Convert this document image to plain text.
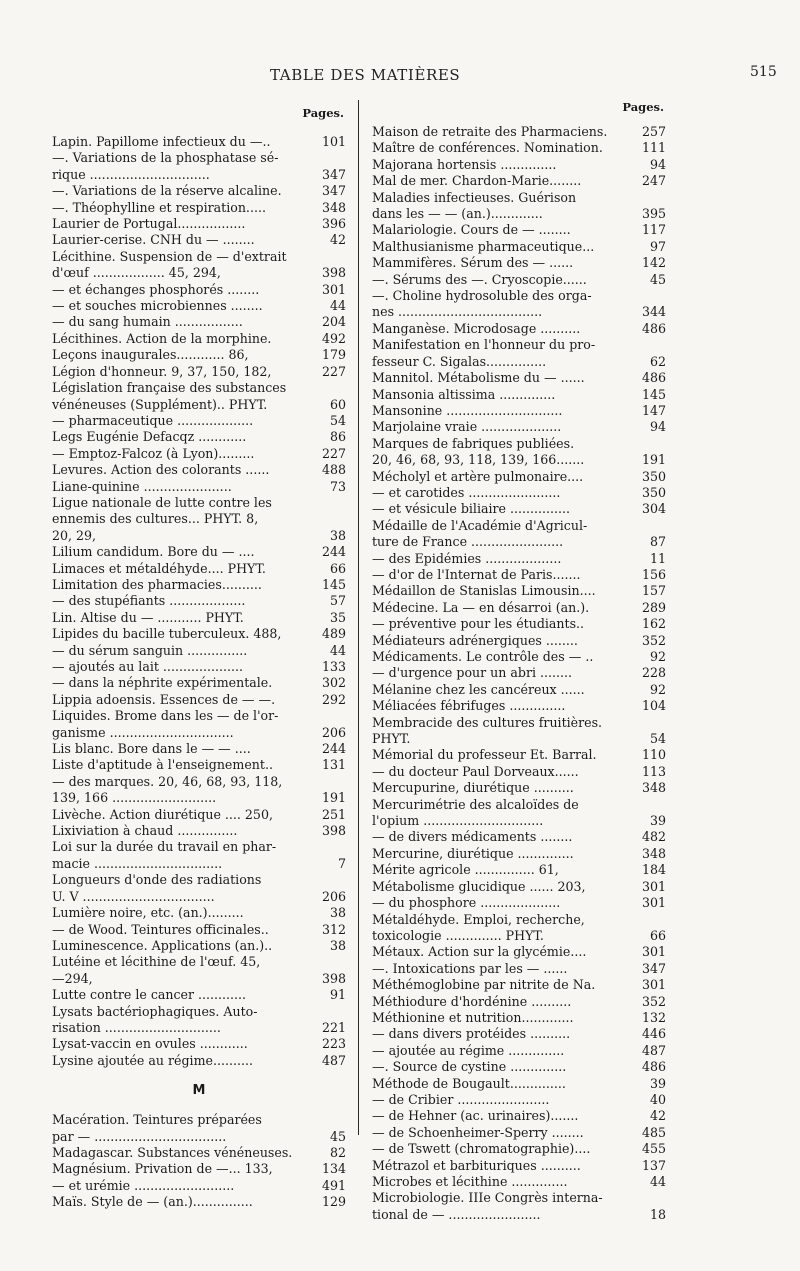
TABLE DES MATIÈRES	515
Pages.
Lapin. Papillome infectieux du —..	101
—. Variations de la phosphatase sé-
rique ..............................	347
—. Variations de la réserve alcaline.	347
—. Théophylline et respiration.....	348
Laurier de Portugal.................	396
Laurier-cerise. CNH du — ........	42
Lécithine. Suspension de — d'extrait
d'œuf .................. 45, 294,	398
— et échanges phosphorés ........	301
— et souches microbiennes ........	44
— du sang humain .................	204
Lécithines. Action de la morphine.	492
Leçons inaugurales............ 86,	179
Légion d'honneur. 9, 37, 150, 182,	227
Législation française des substances
vénéneuses (Supplément).. PHYT.	60
— pharmaceutique ...................	54
Legs Eugénie Defacqz ............	86
— Emptoz-Falcoz (à Lyon).........	227
Levures. Action des colorants ......	488
Liane-quinine ......................	73
Ligue nationale de lutte contre les
ennemis des cultures... PHYT. 8,
20, 29,	38
Lilium candidum. Bore du — ....	244
Limaces et métaldéhyde.... PHYT.	66
Limitation des pharmacies..........	145
— des stupéfiants ...................	57
Lin. Altise du — ........... PHYT.	35
Lipides du bacille tuberculeux. 488,	489
— du sérum sanguin ...............	44
— ajoutés au lait ....................	133
— dans la néphrite expérimentale.	302
Lippia adoensis. Essences de — —.	292
Liquides. Brome dans les — de l'or-
ganisme ...............................	206
Lis blanc. Bore dans le — — ....	244
Liste d'aptitude à l'enseignement..	131
— des marques. 20, 46, 68, 93, 118,
139, 166 ..........................	191
Livèche. Action diurétique .... 250,	251
Lixiviation à chaud ...............	398
Loi sur la durée du travail en phar-
macie ................................	7
Longueurs d'onde des radiations
U. V .................................	206
Lumière noire, etc. (an.).........	38
— de Wood. Teintures officinales..	312
Luminescence. Applications (an.)..	38
Lutéine et lécithine de l'œuf. 45,
—294,	398
Lutte contre le cancer ............	91
Lysats bactériophagiques. Auto-
risation .............................	221
Lysat-vaccin en ovules ............	223
Lysine ajoutée au régime..........	487
M
Macération. Teintures préparées
par — .................................	45
Madagascar. Substances vénéneuses.	82
Magnésium. Privation de —... 133,	134
— et urémie .........................	491
Maïs. Style de — (an.)...............	129
Pages.
Maison de retraite des Pharmaciens.	257
Maître de conférences. Nomination.	111
Majorana hortensis ..............	94
Mal de mer. Chardon-Marie........	247
Maladies infectieuses. Guérison
dans les — — (an.).............	395
Malariologie. Cours de — ........	117
Malthusianisme pharmaceutique...	97
Mammifères. Sérum des — ......	142
—. Sérums des —. Cryoscopie......	45
—. Choline hydrosoluble des orga-
nes ....................................	344
Manganèse. Microdosage ..........	486
Manifestation en l'honneur du pro-
fesseur C. Sigalas...............	62
Mannitol. Métabolisme du — ......	486
Mansonia altissima ..............	145
Mansonine .............................	147
Marjolaine vraie ....................	94
Marques de fabriques publiées.
20, 46, 68, 93, 118, 139, 166.......	191
Mécholyl et artère pulmonaire....	350
— et carotides .......................	350
— et vésicule biliaire ...............	304
Médaille de l'Académie d'Agricul-
ture de France .......................	87
— des Epidémies ...................	11
— d'or de l'Internat de Paris.......	156
Médaillon de Stanislas Limousin....	157
Médecine. La — en désarroi (an.).	289
— préventive pour les étudiants..	162
Médiateurs adrénergiques ........	352
Médicaments. Le contrôle des — ..	92
— d'urgence pour un abri ........	228
Mélanine chez les cancéreux ......	92
Méliacées fébrifuges ..............	104
Membracide des cultures fruitières.
PHYT.	54
Mémorial du professeur Et. Barral.	110
— du docteur Paul Dorveaux......	113
Mercupurine, diurétique ..........	348
Mercurimétrie des alcaloïdes de
l'opium ..............................	39
— de divers médicaments ........	482
Mercurine, diurétique ..............	348
Mérite agricole ............... 61,	184
Métabolisme glucidique ...... 203,	301
— du phosphore ....................	301
Métaldéhyde. Emploi, recherche,
toxicologie .............. PHYT.	66
Métaux. Action sur la glycémie....	301
—. Intoxications par les — ......	347
Méthémoglobine par nitrite de Na.	301
Méthiodure d'hordénine ..........	352
Méthionine et nutrition.............	132
— dans divers protéides ..........	446
— ajoutée au régime ..............	487
—. Source de cystine ..............	486
Méthode de Bougault..............	39
— de Cribier .......................	40
— de Hehner (ac. urinaires).......	42
— de Schoenheimer-Sperry ........	485
— de Tswett (chromatographie)....	455
Métrazol et barbituriques ..........	137
Microbes et lécithine ..............	44
Microbiologie. IIIe Congrès interna-
tional de — .......................	18
